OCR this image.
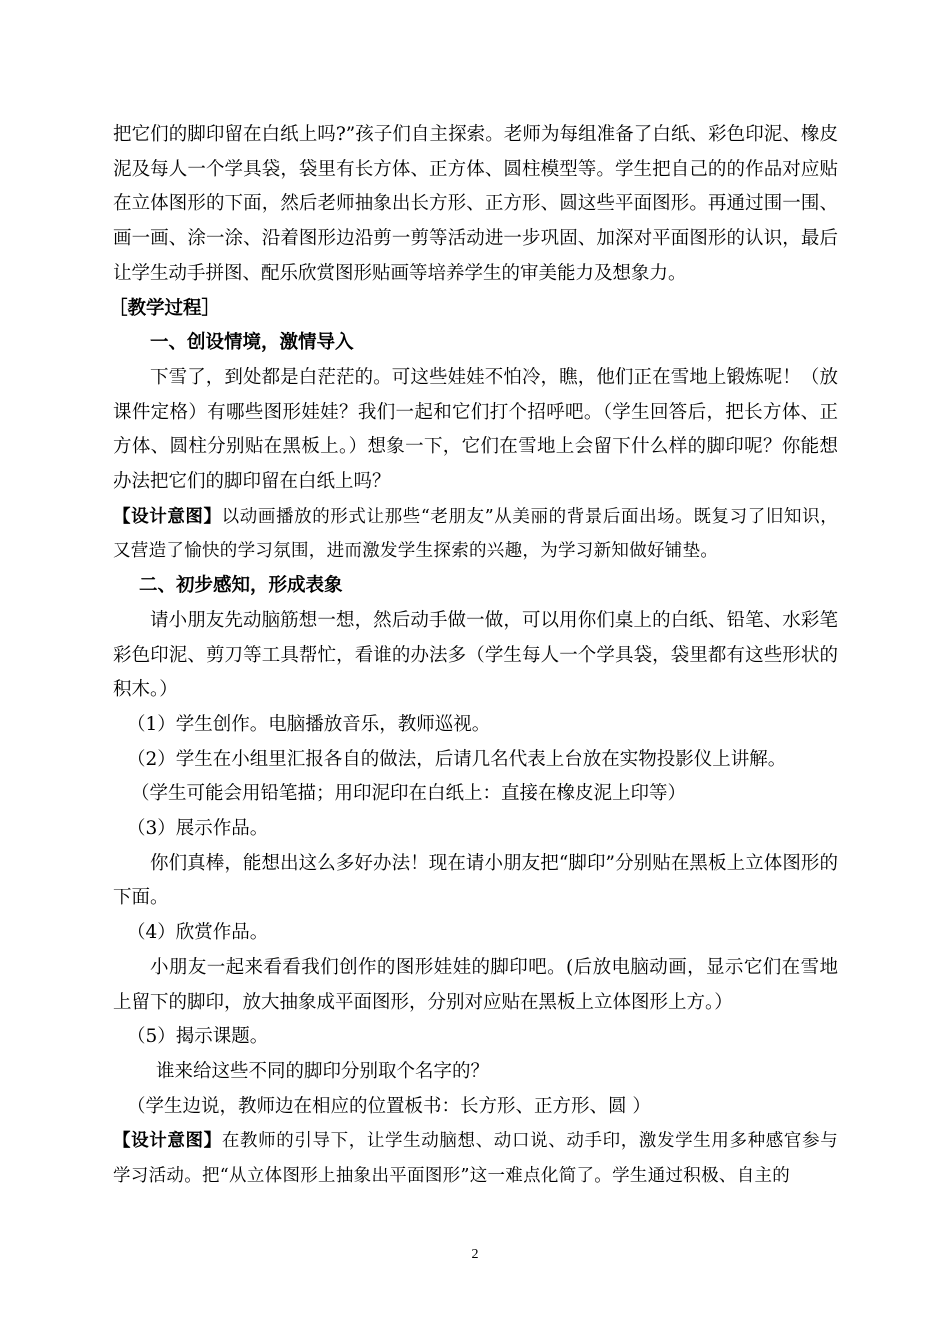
把它们的脚印留在白纸上吗?”孩子们自主探索。老师为每组准备了白纸、彩色印泥、橡皮泥及每人一个学具袋，袋里有长方体、正方体、圆柱模型等。学生把自己的的作品对应贴在立体图形的下面，然后老师抽象出长方形、正方形、圆这些平面图形。再通过围一围、画一画、涂一涂、沿着图形边沿剪一剪等活动进一步巩固、加深对平面图形的认识，最后让学生动手拼图、配乐欣赏图形贴画等培养学生的审美能力及想象力。

［教学过程］

一、创设情境，激情导入

下雪了，到处都是白茫茫的。可这些娃娃不怕冷，瞧，他们正在雪地上锻炼呢！（放课件定格）有哪些图形娃娃？我们一起和它们打个招呼吧。（学生回答后，把长方体、正方体、圆柱分别贴在黑板上。）想象一下，它们在雪地上会留下什么样的脚印呢？你能想办法把它们的脚印留在白纸上吗？

【设计意图】以动画播放的形式让那些“老朋友”从美丽的背景后面出场。既复习了旧知识，又营造了愉快的学习氛围，进而激发学生探索的兴趣，为学习新知做好铺垫。

二、初步感知，形成表象

请小朋友先动脑筋想一想，然后动手做一做，可以用你们桌上的白纸、铅笔、水彩笔彩色印泥、剪刀等工具帮忙，看谁的办法多（学生每人一个学具袋，袋里都有这些形状的积木。）

（1）学生创作。电脑播放音乐，教师巡视。

（2）学生在小组里汇报各自的做法，后请几名代表上台放在实物投影仪上讲解。

（学生可能会用铅笔描；用印泥印在白纸上：直接在橡皮泥上印等）

（3）展示作品。

你们真棒，能想出这么多好办法！现在请小朋友把“脚印”分别贴在黑板上立体图形的下面。

（4）欣赏作品。

小朋友一起来看看我们创作的图形娃娃的脚印吧。(后放电脑动画，显示它们在雪地上留下的脚印，放大抽象成平面图形，分别对应贴在黑板上立体图形上方。）

（5）揭示课题。

谁来给这些不同的脚印分别取个名字的？

（学生边说，教师边在相应的位置板书：长方形、正方形、圆 ）

【设计意图】在教师的引导下，让学生动脑想、动口说、动手印，激发学生用多种感官参与学习活动。把“从立体图形上抽象出平面图形”这一难点化简了。学生通过积极、自主的

2
